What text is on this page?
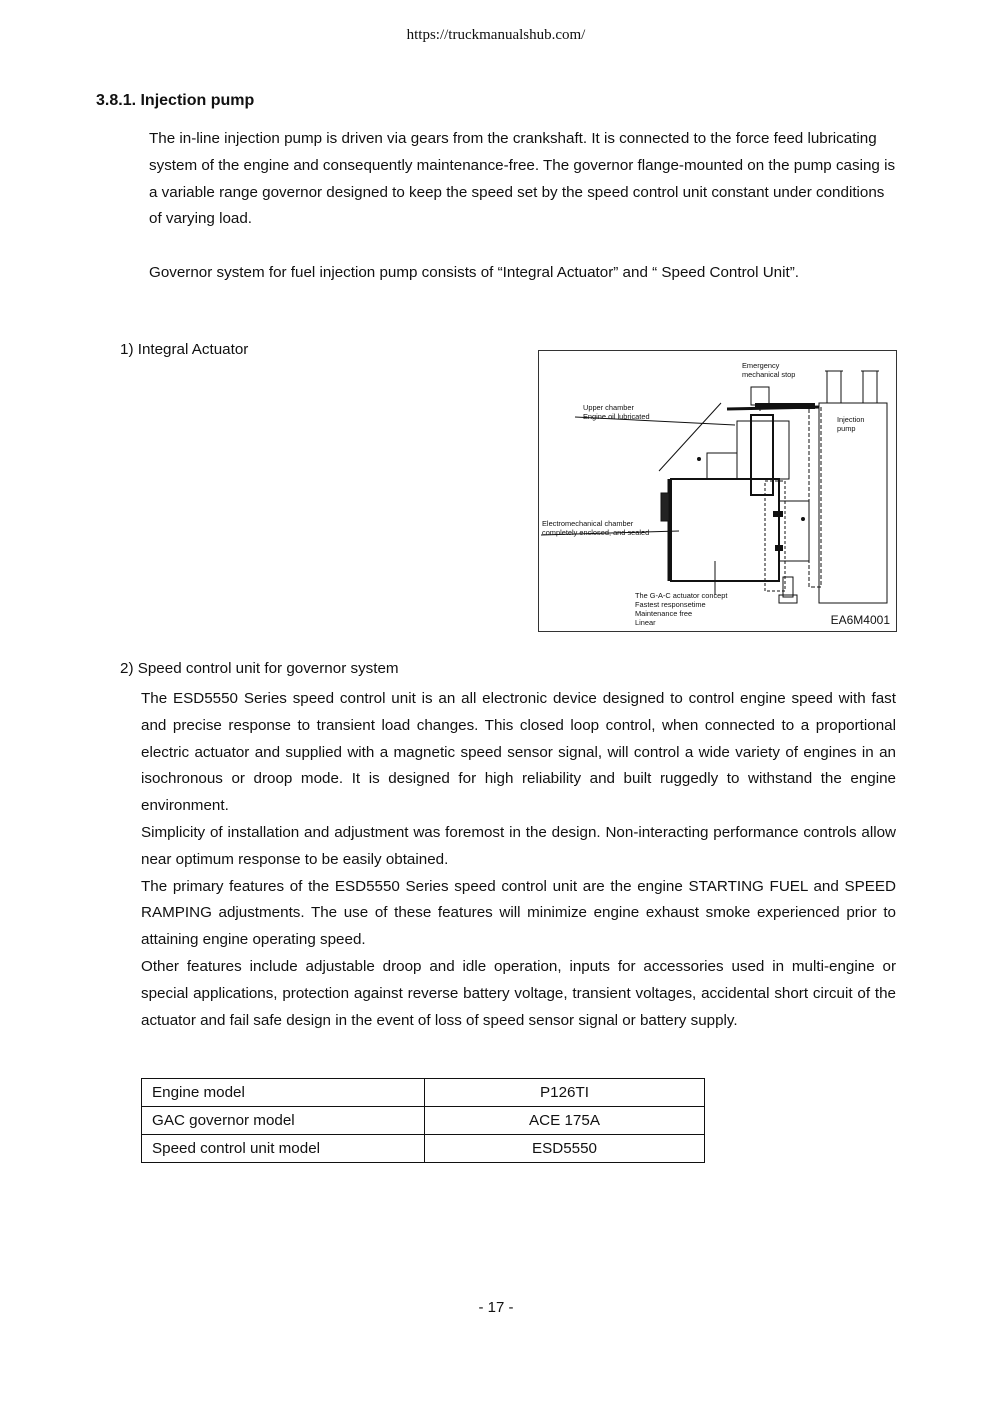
https://truckmanualshub.com/
3.8.1. Injection pump
The in-line injection pump is driven via gears from the crankshaft. It is connected to the force feed lubricating system of the engine and consequently maintenance-free. The governor flange-mounted on the pump casing is a variable range governor designed to keep the speed set by the speed control unit constant under conditions of varying load.
Governor system for fuel injection pump consists of “Integral Actuator” and “ Speed Control Unit”.
1) Integral Actuator
Emergency
mechanical stop
Upper chamber
Engine oil lubricated	Injection
pump
Electromechanical chamber
completely enclosed, and sealed
The G-A-C actuator concept
Fastest responsetime
Maintenance free
Linear	EA6M4001
2) Speed control unit for governor system
The ESD5550 Series speed control unit is an all electronic device designed to control engine speed with fast and precise response to transient load changes. This closed loop control, when connected to a proportional electric actuator and supplied with a magnetic speed sensor signal, will control a wide variety of engines in an isochronous or droop mode. It is designed for high reliability and built ruggedly to withstand the engine environment.
Simplicity of installation and adjustment was foremost in the design. Non-interacting performance controls allow near optimum response to be easily obtained.
The primary features of the ESD5550 Series speed control unit are the engine STARTING FUEL and SPEED RAMPING adjustments. The use of these features will minimize engine exhaust smoke experienced prior to attaining engine operating speed.
Other features include adjustable droop and idle operation, inputs for accessories used in multi-engine or special applications, protection against reverse battery voltage, transient voltages, accidental short circuit of the actuator and fail safe design in the event of loss of speed sensor signal or battery supply.
Engine model	P126TI
GAC governor model	ACE 175A
Speed control unit model	ESD5550
- 17 -
